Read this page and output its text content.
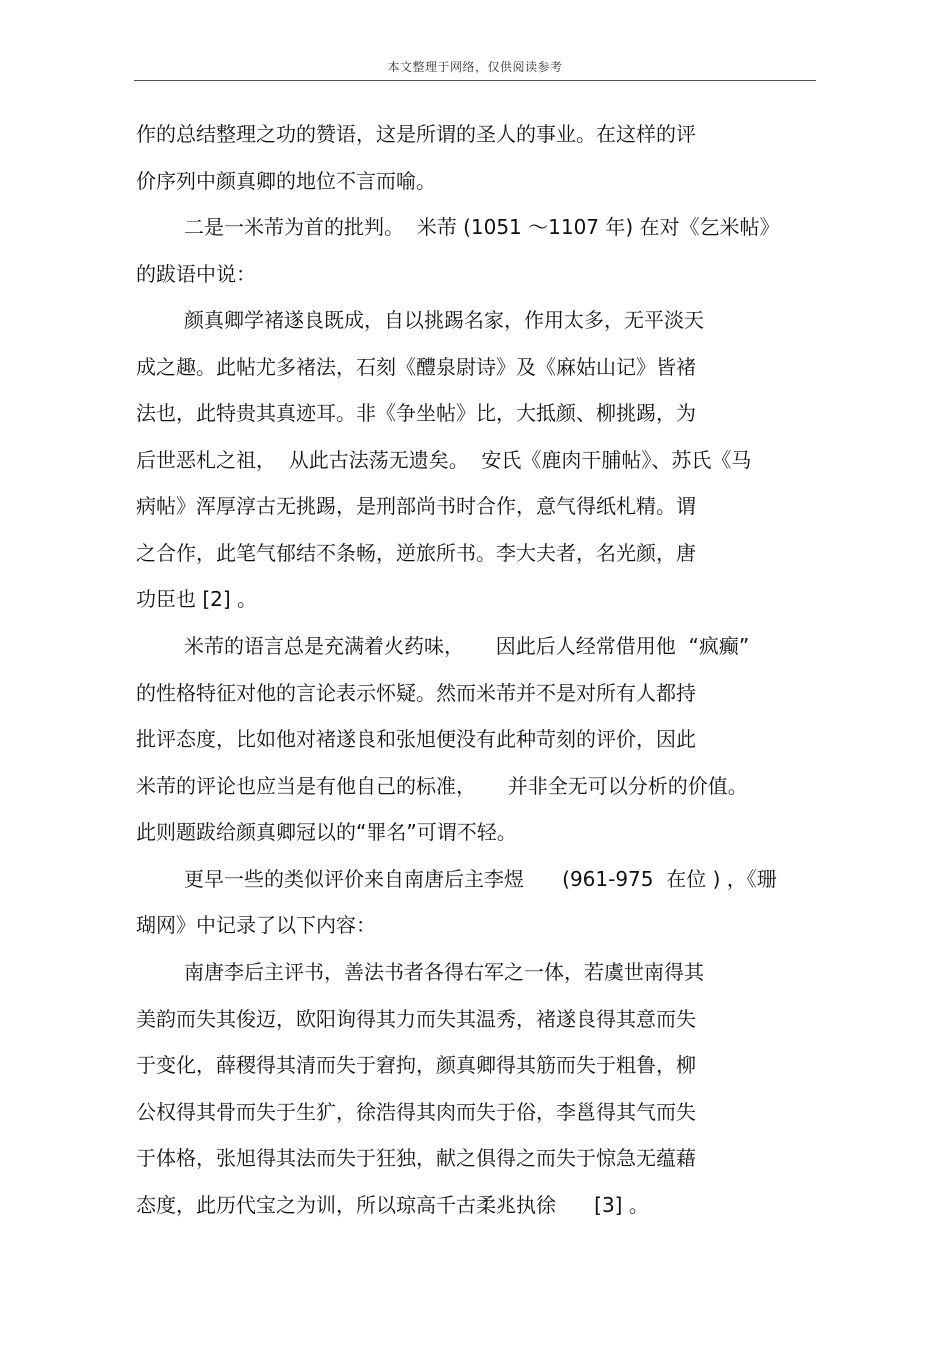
本文整理于网络，仅供阅读参考
作的总结整理之功的赞语，这是所谓的圣人的事业。在这样的评
价序列中颜真卿的地位不言而喻。
二是一米芾为首的批判。  米芾 (1051 ～1107 年) 在对《乞米帖》
的跋语中说：
颜真卿学褚遂良既成，自以挑踢名家，作用太多，无平淡天
成之趣。此帖尤多褚法，石刻《醴泉尉诗》及《麻姑山记》皆褚
法也，此特贵其真迹耳。非《争坐帖》比，大抵颜、柳挑踢，为
后世恶札之祖，  从此古法荡无遗矣。  安氏《鹿肉干脯帖》、苏氏《马
病帖》浑厚淳古无挑踢，是刑部尚书时合作，意气得纸札精。谓
之合作，此笔气郁结不条畅，逆旅所书。李大夫者，名光颜，唐
功臣也 [2] 。
米芾的语言总是充满着火药味，     因此后人经常借用他  “疯癫”
的性格特征对他的言论表示怀疑。然而米芾并不是对所有人都持
批评态度，比如他对褚遂良和张旭便没有此种苛刻的评价，因此
米芾的评论也应当是有他自己的标准，     并非全无可以分析的价值。
此则题跋给颜真卿冠以的“罪名”可谓不轻。
更早一些的类似评价来自南唐后主李煜      (961-975  在位 ) ，《珊
瑚网》中记录了以下内容：
南唐李后主评书，善法书者各得右军之一体，若虞世南得其
美韵而失其俊迈，欧阳询得其力而失其温秀，褚遂良得其意而失
于变化，薛稷得其清而失于窘拘，颜真卿得其筋而失于粗鲁，柳
公权得其骨而失于生犷，徐浩得其肉而失于俗，李邕得其气而失
于体格，张旭得其法而失于狂独，献之俱得之而失于惊急无蕴藉
态度，此历代宝之为训，所以琼高千古柔兆执徐      [3] 。
